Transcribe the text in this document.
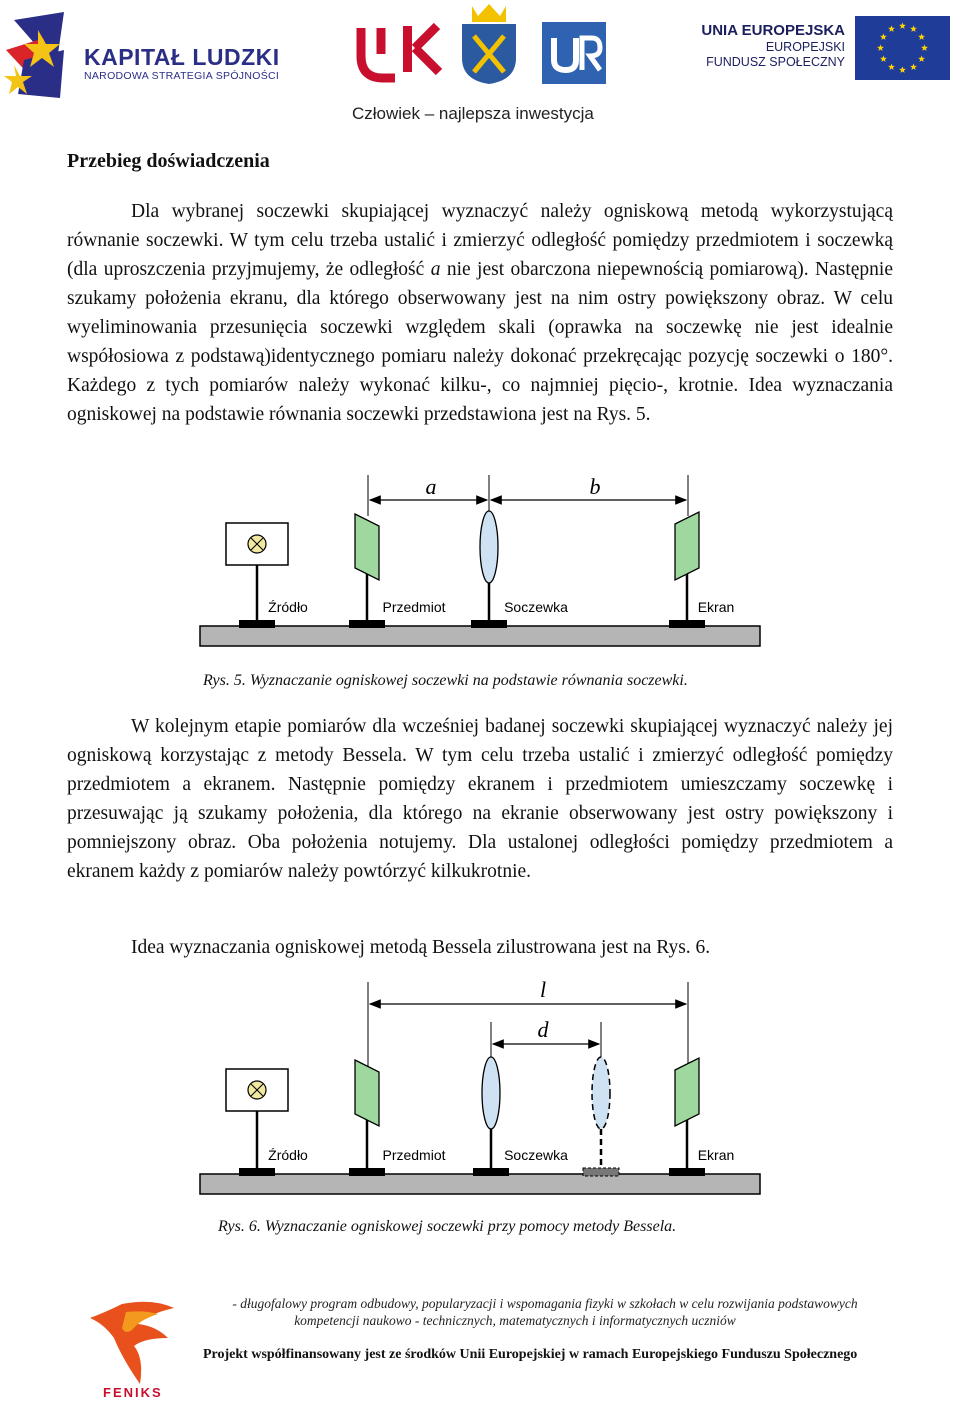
KAPITAŁ LUDZKI
NARODOWA STRATEGIA SPÓJNOŚCI
UNIA EUROPEJSKA
EUROPEJSKI
FUNDUSZ SPOŁECZNY
Człowiek – najlepsza inwestycja
Przebieg doświadczenia
Dla wybranej soczewki skupiającej wyznaczyć należy ogniskową metodą wykorzystującą równanie soczewki. W tym celu trzeba ustalić i zmierzyć odległość pomiędzy przedmiotem i soczewką (dla uproszczenia przyjmujemy, że odległość a nie jest obarczona niepewnością pomiarową). Następnie szukamy położenia ekranu, dla którego obserwowany jest na nim ostry powiększony obraz. W celu wyeliminowania przesunięcia soczewki względem skali (oprawka na soczewkę nie jest idealnie współosiowa z podstawą)identycznego pomiaru należy dokonać przekręcając pozycję soczewki o 180°. Każdego z tych pomiarów należy wykonać kilku-, co najmniej pięcio-, krotnie. Idea wyznaczania ogniskowej na podstawie równania soczewki przedstawiona jest na Rys. 5.
a	b
Źródło	Przedmiot	Soczewka	Ekran
Rys. 5. Wyznaczanie ogniskowej soczewki na podstawie równania soczewki.
W kolejnym etapie pomiarów dla wcześniej badanej soczewki skupiającej wyznaczyć należy jej ogniskową korzystając z metody Bessela. W tym celu trzeba ustalić i zmierzyć odległość pomiędzy przedmiotem a ekranem. Następnie pomiędzy ekranem i przedmiotem umieszczamy soczewkę i przesuwając ją szukamy położenia, dla którego na ekranie obserwowany jest ostry powiększony i pomniejszony obraz. Oba położenia notujemy. Dla ustalonej odległości pomiędzy przedmiotem a ekranem każdy z pomiarów należy powtórzyć kilkukrotnie.
Idea wyznaczania ogniskowej metodą Bessela zilustrowana jest na Rys. 6.
l
d
Źródło	Przedmiot	Soczewka	Ekran
Rys. 6. Wyznaczanie ogniskowej soczewki przy pomocy metody Bessela.
FENIKS
- długofalowy program odbudowy, popularyzacji i wspomagania fizyki w szkołach w celu rozwijania podstawowych
kompetencji naukowo - technicznych, matematycznych i informatycznych uczniów
Projekt współfinansowany jest ze środków Unii Europejskiej w ramach Europejskiego Funduszu Społecznego
